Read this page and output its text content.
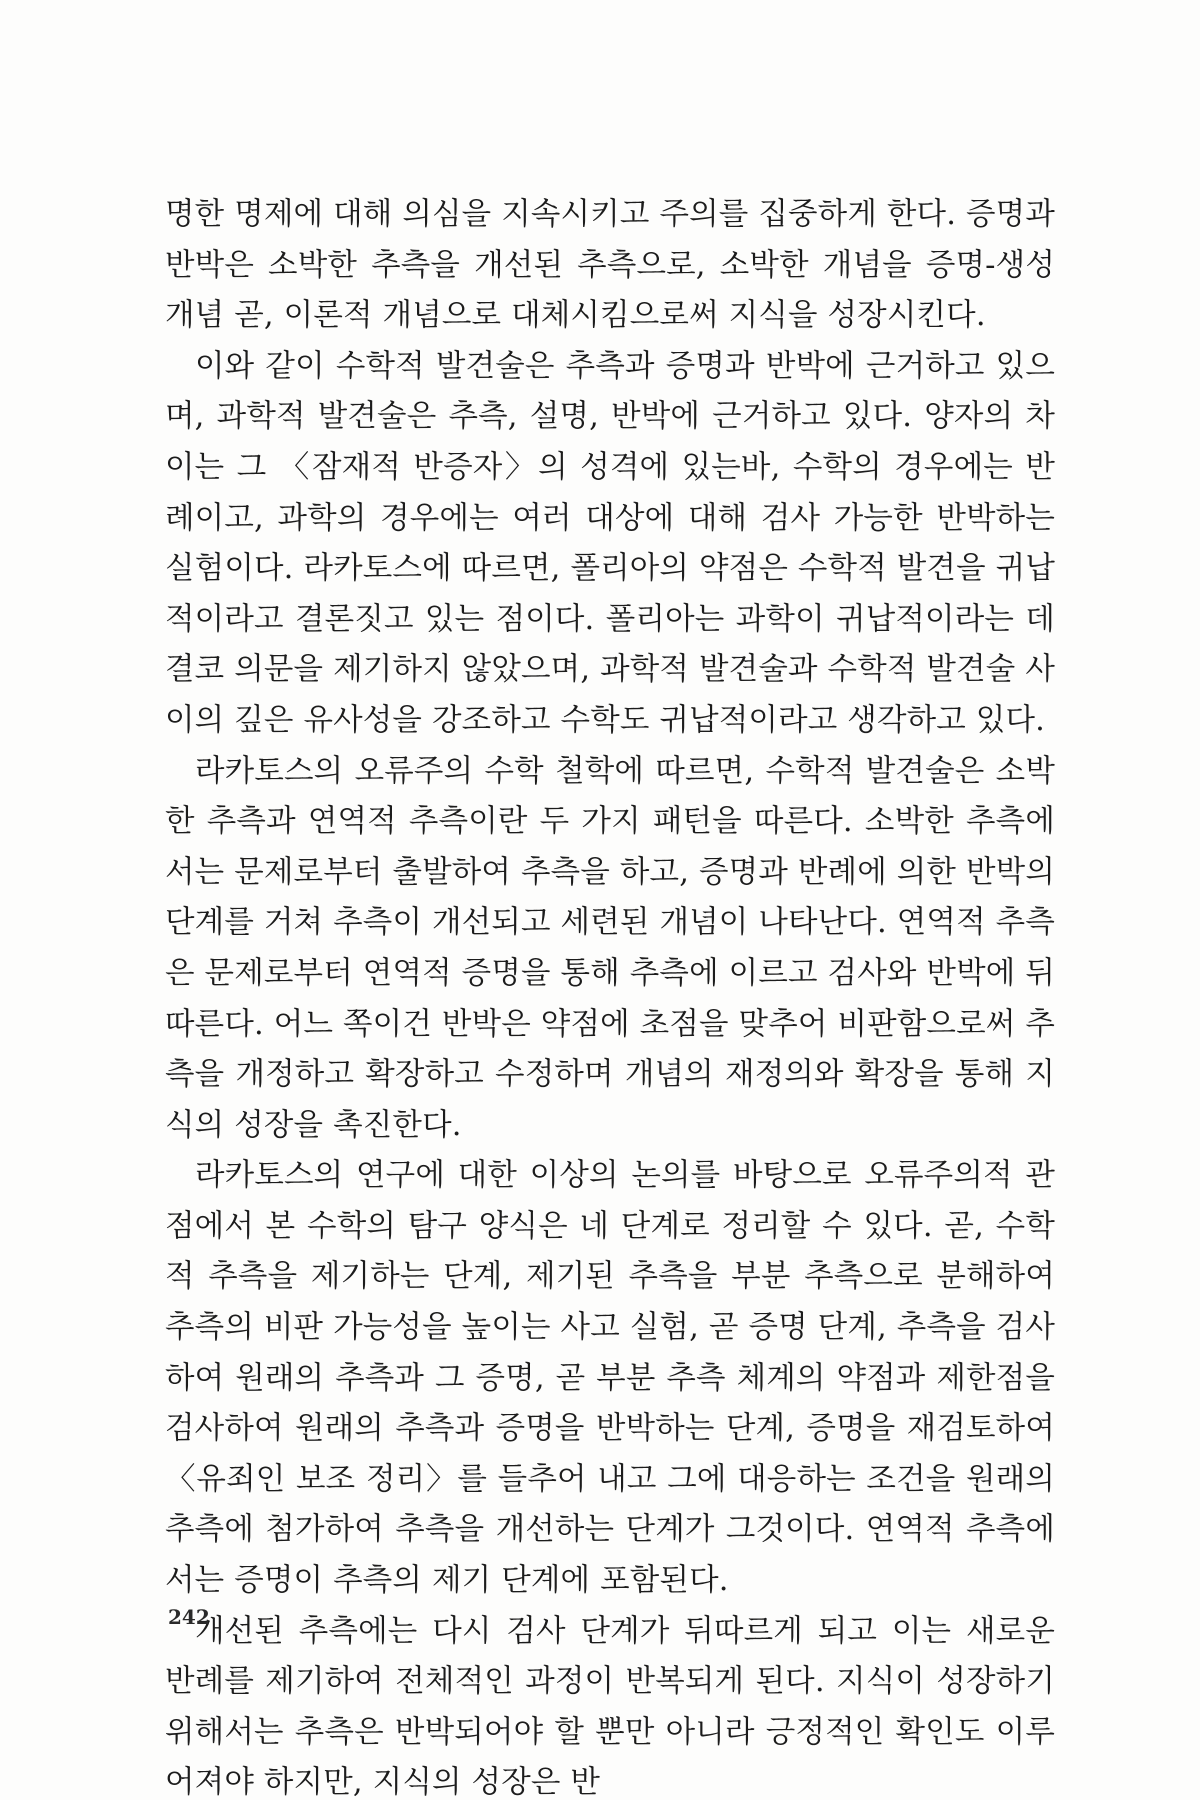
명한 명제에 대해 의심을 지속시키고 주의를 집중하게 한다. 증명과 반박은 소박한 추측을 개선된 추측으로, 소박한 개념을 증명-생성 개념 곧, 이론적 개념으로 대체시킴으로써 지식을 성장시킨다.

이와 같이 수학적 발견술은 추측과 증명과 반박에 근거하고 있으며, 과학적 발견술은 추측, 설명, 반박에 근거하고 있다. 양자의 차이는 그 〈잠재적 반증자〉의 성격에 있는바, 수학의 경우에는 반례이고, 과학의 경우에는 여러 대상에 대해 검사 가능한 반박하는 실험이다. 라카토스에 따르면, 폴리아의 약점은 수학적 발견을 귀납적이라고 결론짓고 있는 점이다. 폴리아는 과학이 귀납적이라는 데 결코 의문을 제기하지 않았으며, 과학적 발견술과 수학적 발견술 사이의 깊은 유사성을 강조하고 수학도 귀납적이라고 생각하고 있다.

라카토스의 오류주의 수학 철학에 따르면, 수학적 발견술은 소박한 추측과 연역적 추측이란 두 가지 패턴을 따른다. 소박한 추측에서는 문제로부터 출발하여 추측을 하고, 증명과 반례에 의한 반박의 단계를 거쳐 추측이 개선되고 세련된 개념이 나타난다. 연역적 추측은 문제로부터 연역적 증명을 통해 추측에 이르고 검사와 반박에 뒤따른다. 어느 쪽이건 반박은 약점에 초점을 맞추어 비판함으로써 추측을 개정하고 확장하고 수정하며 개념의 재정의와 확장을 통해 지식의 성장을 촉진한다.

라카토스의 연구에 대한 이상의 논의를 바탕으로 오류주의적 관점에서 본 수학의 탐구 양식은 네 단계로 정리할 수 있다. 곧, 수학적 추측을 제기하는 단계, 제기된 추측을 부분 추측으로 분해하여 추측의 비판 가능성을 높이는 사고 실험, 곧 증명 단계, 추측을 검사하여 원래의 추측과 그 증명, 곧 부분 추측 체계의 약점과 제한점을 검사하여 원래의 추측과 증명을 반박하는 단계, 증명을 재검토하여 〈유죄인 보조 정리〉를 들추어 내고 그에 대응하는 조건을 원래의 추측에 첨가하여 추측을 개선하는 단계가 그것이다. 연역적 추측에서는 증명이 추측의 제기 단계에 포함된다.

개선된 추측에는 다시 검사 단계가 뒤따르게 되고 이는 새로운 반례를 제기하여 전체적인 과정이 반복되게 된다. 지식이 성장하기 위해서는 추측은 반박되어야 할 뿐만 아니라 긍정적인 확인도 이루어져야 하지만, 지식의 성장은 반

242
